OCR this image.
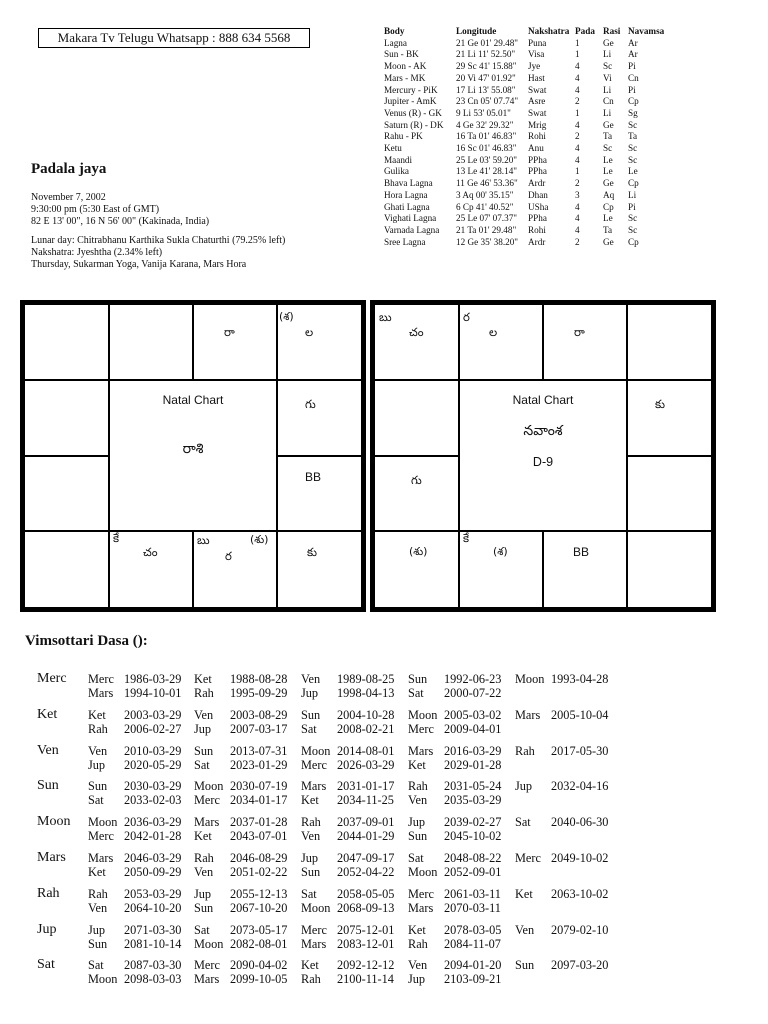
Makara Tv Telugu Whatsapp : 888 634 5568
Padala jaya
November 7, 2002
9:30:00 pm (5:30 East of GMT)
82 E 13' 00", 16 N 56' 00" (Kakinada, India)
Lunar day: Chitrabhanu Karthika Sukla Chaturthi (79.25% left)
Nakshatra: Jyeshtha (2.34% left)
Thursday, Sukarman Yoga, Vanija Karana, Mars Hora
Body	Longitude	Nakshatra Pada Rasi Navamsa
Lagna	21 Ge 01' 29.48"	Puna	1	Ge	Ar
Sun - BK	21 Li 11' 52.50"	Visa	1	Li	Ar
Moon - AK	29 Sc 41' 15.88"	Jye	4	Sc	Pi
Mars - MK	20 Vi 47' 01.92"	Hast	4	Vi	Cn
Mercury - PiK	17 Li 13' 55.08"	Swat	4	Li	Pi
Jupiter - AmK	23 Cn 05' 07.74"	Asre	2	Cn	Cp
Venus (R) - GK	9 Li 53' 05.01"	Swat	1	Li	Sg
Saturn (R) - DK	4 Ge 32' 29.32"	Mrig	4	Ge	Sc
Rahu - PK	16 Ta 01' 46.83"	Rohi	2	Ta	Ta
Ketu	16 Sc 01' 46.83"	Anu	4	Sc	Sc
Maandi	25 Le 03' 59.20"	PPha	4	Le	Sc
Gulika	13 Le 41' 28.14"	PPha	1	Le	Le
Bhava Lagna	11 Ge 46' 53.36"	Ardr	2	Ge	Cp
Hora Lagna	3 Aq 00' 35.15"	Dhan	3	Aq	Li
Ghati Lagna	6 Cp 41' 40.52"	USha	4	Cp	Pi
Vighati Lagna	25 Le 07' 07.37"	PPha	4	Le	Sc
Varnada Lagna	21 Ta 01' 29.48"	Rohi	4	Ta	Sc
Sree Lagna	12 Ge 35' 38.20"	Ardr	2	Ge	Cp
రా
(శ)
ల
గు
BB
కే
చం
బు	(శు)
ర	కు
Natal Chart
రాశి
బు
చం
ర
ల	రా
కు
గు
(శు)
కే
(శ)	BB
Natal Chart
నవాంశ
D-9
Vimsottari Dasa ():
Merc Merc 1986-03-29 Ket 1988-08-28 Ven 1989-08-25 Sun 1992-06-23 Moon 1993-04-28
Mars 1994-10-01 Rah 1995-09-29 Jup 1998-04-13 Sat 2000-07-22
Ket	Ket 2003-03-29 Ven 2003-08-29 Sun 2004-10-28 Moon 2005-03-02 Mars 2005-10-04
Rah 2006-02-27 Jup 2007-03-17 Sat 2008-02-21 Merc 2009-04-01
Ven Ven 2010-03-29 Sun 2013-07-31 Moon 2014-08-01 Mars 2016-03-29 Rah 2017-05-30
Jup 2020-05-29 Sat 2023-01-29 Merc 2026-03-29 Ket 2029-01-28
Sun Sun 2030-03-29 Moon 2030-07-19 Mars 2031-01-17 Rah 2031-05-24 Jup 2032-04-16
Sat 2033-02-03 Merc 2034-01-17 Ket 2034-11-25 Ven 2035-03-29
Moon Moon 2036-03-29 Mars 2037-01-28 Rah 2037-09-01 Jup 2039-02-27 Sat 2040-06-30
Merc 2042-01-28 Ket 2043-07-01 Ven 2044-01-29 Sun 2045-10-02
Mars Mars 2046-03-29 Rah 2046-08-29 Jup 2047-09-17 Sat 2048-08-22 Merc 2049-10-02
Ket 2050-09-29 Ven 2051-02-22 Sun 2052-04-22 Moon 2052-09-01
Rah Rah 2053-03-29 Jup 2055-12-13 Sat 2058-05-05 Merc 2061-03-11 Ket 2063-10-02
Ven 2064-10-20 Sun 2067-10-20 Moon 2068-09-13 Mars 2070-03-11
Jup	Jup 2071-03-30 Sat 2073-05-17 Merc 2075-12-01 Ket 2078-03-05 Ven 2079-02-10
Sun 2081-10-14 Moon 2082-08-01 Mars 2083-12-01 Rah 2084-11-07
Sat	Sat 2087-03-30 Merc 2090-04-02 Ket 2092-12-12 Ven 2094-01-20 Sun 2097-03-20
Moon 2098-03-03 Mars 2099-10-05 Rah 2100-11-14 Jup 2103-09-21
